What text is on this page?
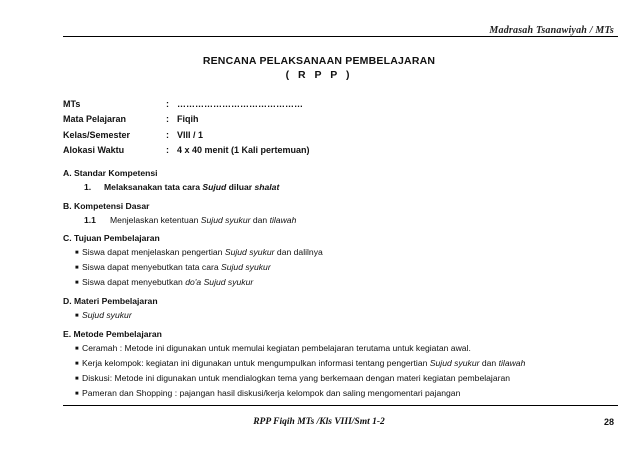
Madrasah Tsanawiyah / MTs
RENCANA PELAKSANAAN PEMBELAJARAN
( R P P )
MTs	: ……………………………………
Mata Pelajaran	: Fiqih
Kelas/Semester	: VIII / 1
Alokasi Waktu	: 4 x 40 menit (1 Kali pertemuan)
A. Standar Kompetensi
1. Melaksanakan tata cara Sujud diluar shalat
B. Kompetensi Dasar
1.1 Menjelaskan ketentuan Sujud syukur dan tilawah
C. Tujuan Pembelajaran
■ Siswa dapat menjelaskan pengertian Sujud syukur dan dalilnya
■ Siswa dapat menyebutkan tata cara Sujud syukur
■ Siswa dapat menyebutkan do'a Sujud syukur
D. Materi Pembelajaran
■ Sujud syukur
E. Metode Pembelajaran
■ Ceramah : Metode ini digunakan untuk memulai kegiatan pembelajaran terutama untuk kegiatan awal.
■ Kerja kelompok: kegiatan ini digunakan untuk mengumpulkan informasi tentang pengertian Sujud syukur dan tilawah
■ Diskusi: Metode ini digunakan untuk mendialogkan tema yang berkemaan dengan materi kegiatan pembelajaran
■ Pameran dan Shopping : pajangan hasil diskusi/kerja kelompok dan saling mengomentari pajangan
RPP Fiqih MTs /Kls VIII/Smt 1-2	28
